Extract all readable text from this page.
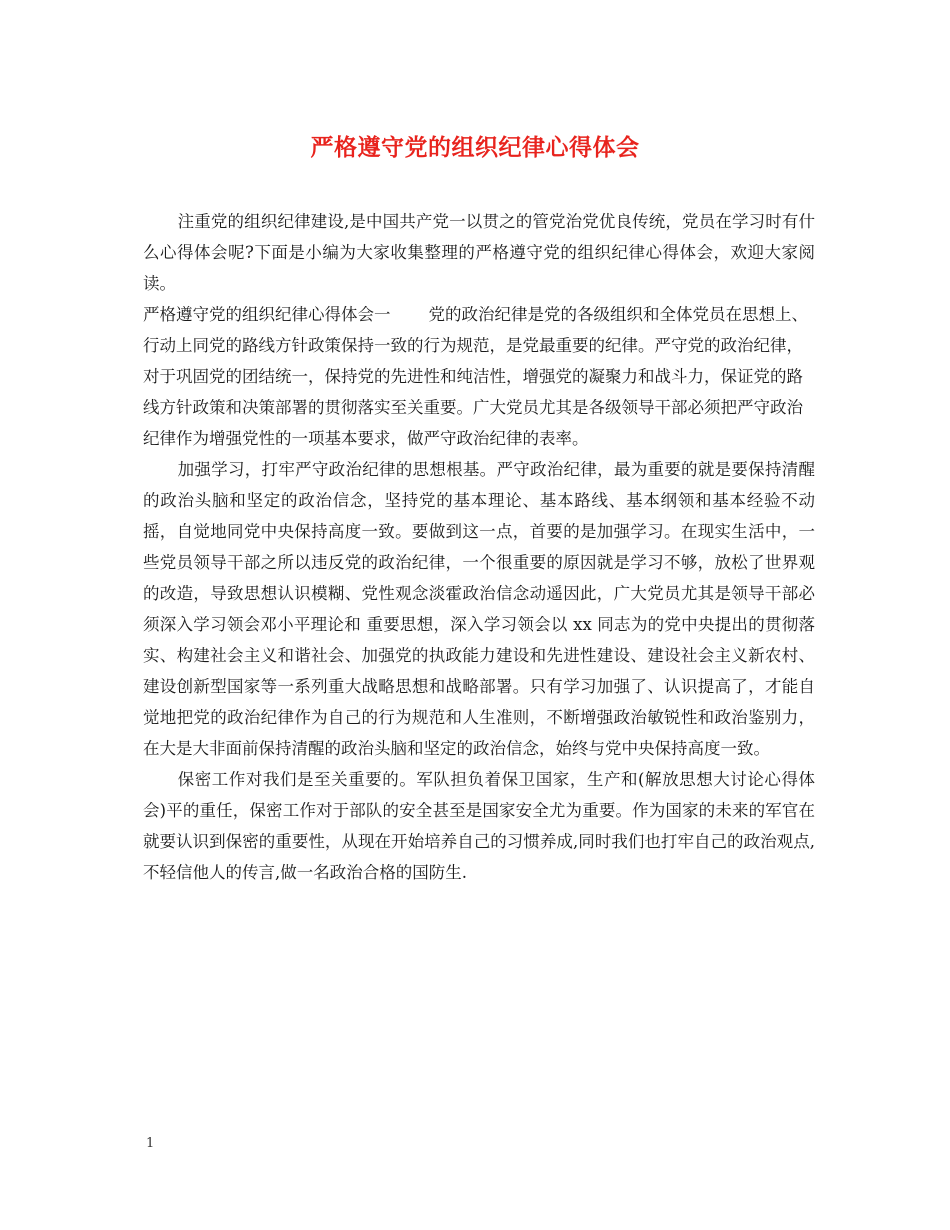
严格遵守党的组织纪律心得体会

注重党的组织纪律建设,是中国共产党一以贯之的管党治党优良传统，党员在学习时有什么心得体会呢?下面是小编为大家收集整理的严格遵守党的组织纪律心得体会，欢迎大家阅读。

严格遵守党的组织纪律心得体会一 党的政治纪律是党的各级组织和全体党员在思想上、行动上同党的路线方针政策保持一致的行为规范，是党最重要的纪律。严守党的政治纪律，对于巩固党的团结统一，保持党的先进性和纯洁性，增强党的凝聚力和战斗力，保证党的路线方针政策和决策部署的贯彻落实至关重要。广大党员尤其是各级领导干部必须把严守政治纪律作为增强党性的一项基本要求，做严守政治纪律的表率。

加强学习，打牢严守政治纪律的思想根基。严守政治纪律，最为重要的就是要保持清醒的政治头脑和坚定的政治信念，坚持党的基本理论、基本路线、基本纲领和基本经验不动摇，自觉地同党中央保持高度一致。要做到这一点，首要的是加强学习。在现实生活中，一些党员领导干部之所以违反党的政治纪律，一个很重要的原因就是学习不够，放松了世界观的改造，导致思想认识模糊、党性观念淡霍政治信念动遥因此，广大党员尤其是领导干部必须深入学习领会邓小平理论和 重要思想，深入学习领会以 xx 同志为的党中央提出的贯彻落实、构建社会主义和谐社会、加强党的执政能力建设和先进性建设、建设社会主义新农村、建设创新型国家等一系列重大战略思想和战略部署。只有学习加强了、认识提高了，才能自觉地把党的政治纪律作为自己的行为规范和人生准则，不断增强政治敏锐性和政治鉴别力，在大是大非面前保持清醒的政治头脑和坚定的政治信念，始终与党中央保持高度一致。

保密工作对我们是至关重要的。军队担负着保卫国家，生产和(解放思想大讨论心得体会)平的重任，保密工作对于部队的安全甚至是国家安全尤为重要。作为国家的未来的军官在就要认识到保密的重要性，从现在开始培养自己的习惯养成,同时我们也打牢自己的政治观点,不轻信他人的传言,做一名政治合格的国防生.

1
